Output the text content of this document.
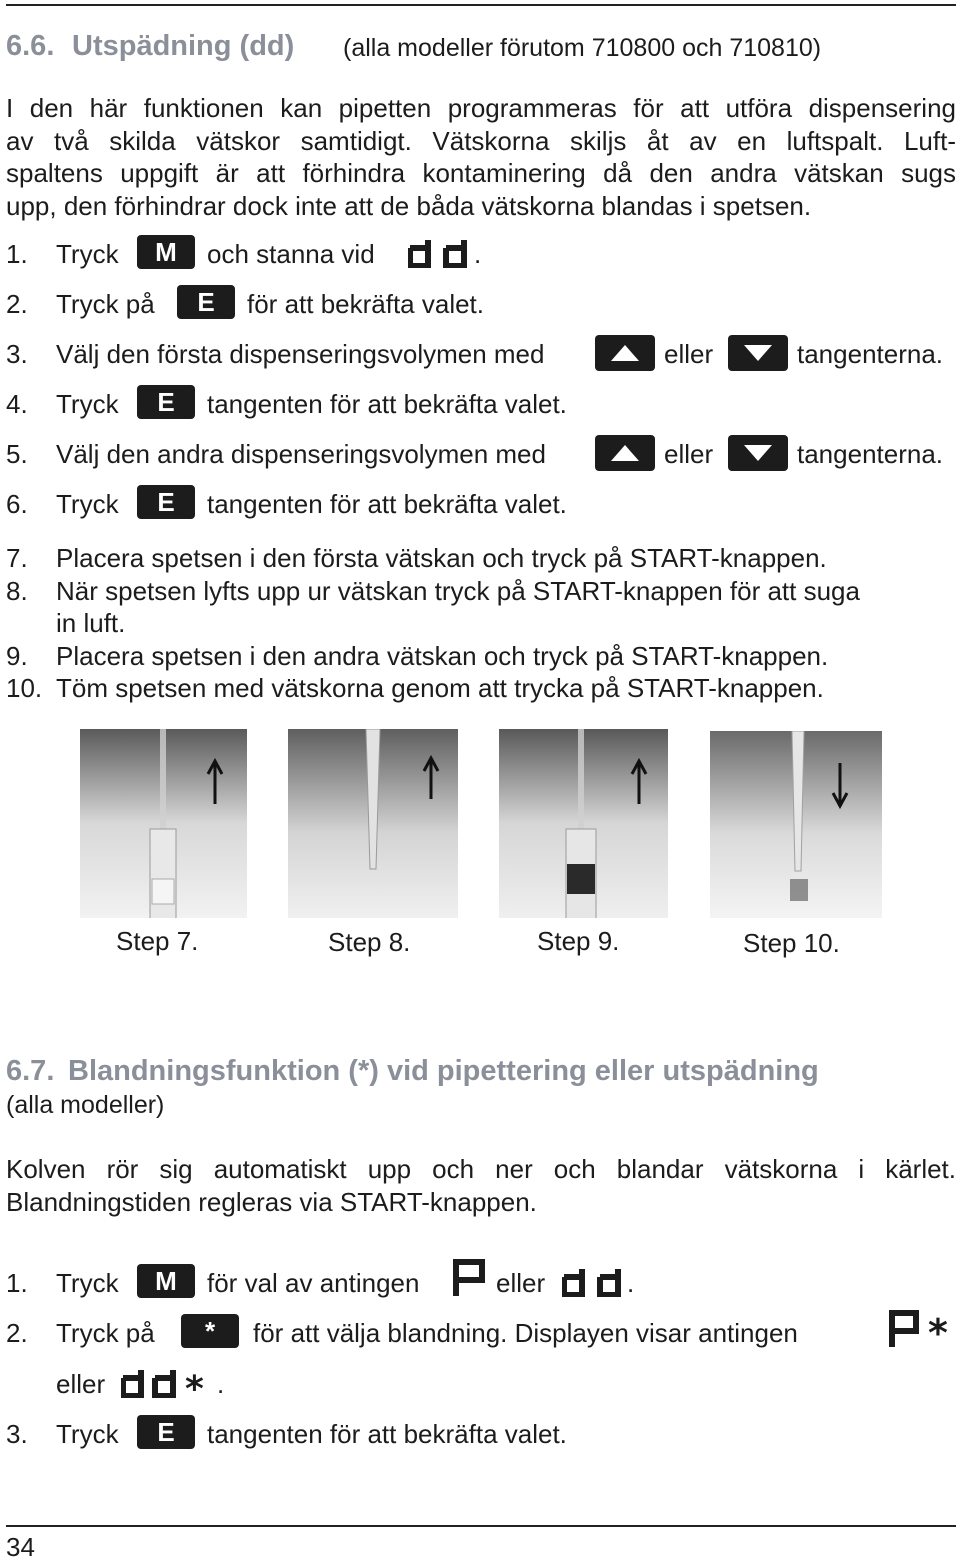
6.6. Utspädning (dd) (alla modeller förutom 710800 och 710810)
I den här funktionen kan pipetten programmeras för att utföra dispensering
av två skilda vätskor samtidigt. Vätskorna skiljs åt av en luftspalt. Luft-
spaltens uppgift är att förhindra kontaminering då den andra vätskan sugs
upp, den förhindrar dock inte att de båda vätskorna blandas i spetsen.
1. Tryck	M	och stanna vid	.
2. Tryck på	E	för att bekräfta valet.
3. Välj den första dispenseringsvolymen med	eller	tangenterna.
4. Tryck	E	tangenten för att bekräfta valet.
5. Välj den andra dispenseringsvolymen med	eller	tangenterna.
6. Tryck	E	tangenten för att bekräfta valet.
7. Placera spetsen i den första vätskan och tryck på START-knappen.
8. När spetsen lyfts upp ur vätskan tryck på START-knappen för att suga
in luft.
9. Placera spetsen i den andra vätskan och tryck på START-knappen.
10. Töm spetsen med vätskorna genom att trycka på START-knappen.
Step 7.	Step 8.	Step 9.	Step 10.
6.7. Blandningsfunktion (*) vid pipettering eller utspädning
(alla modeller)
Kolven rör sig automatiskt upp och ner och blandar vätskorna i kärlet.
Blandningstiden regleras via START-knappen.
1. Tryck	M	för val av antingen	eller	.
2. Tryck på	*	för att välja blandning. Displayen visar antingen	*
eller * .
3. Tryck	E	tangenten för att bekräfta valet.
34
